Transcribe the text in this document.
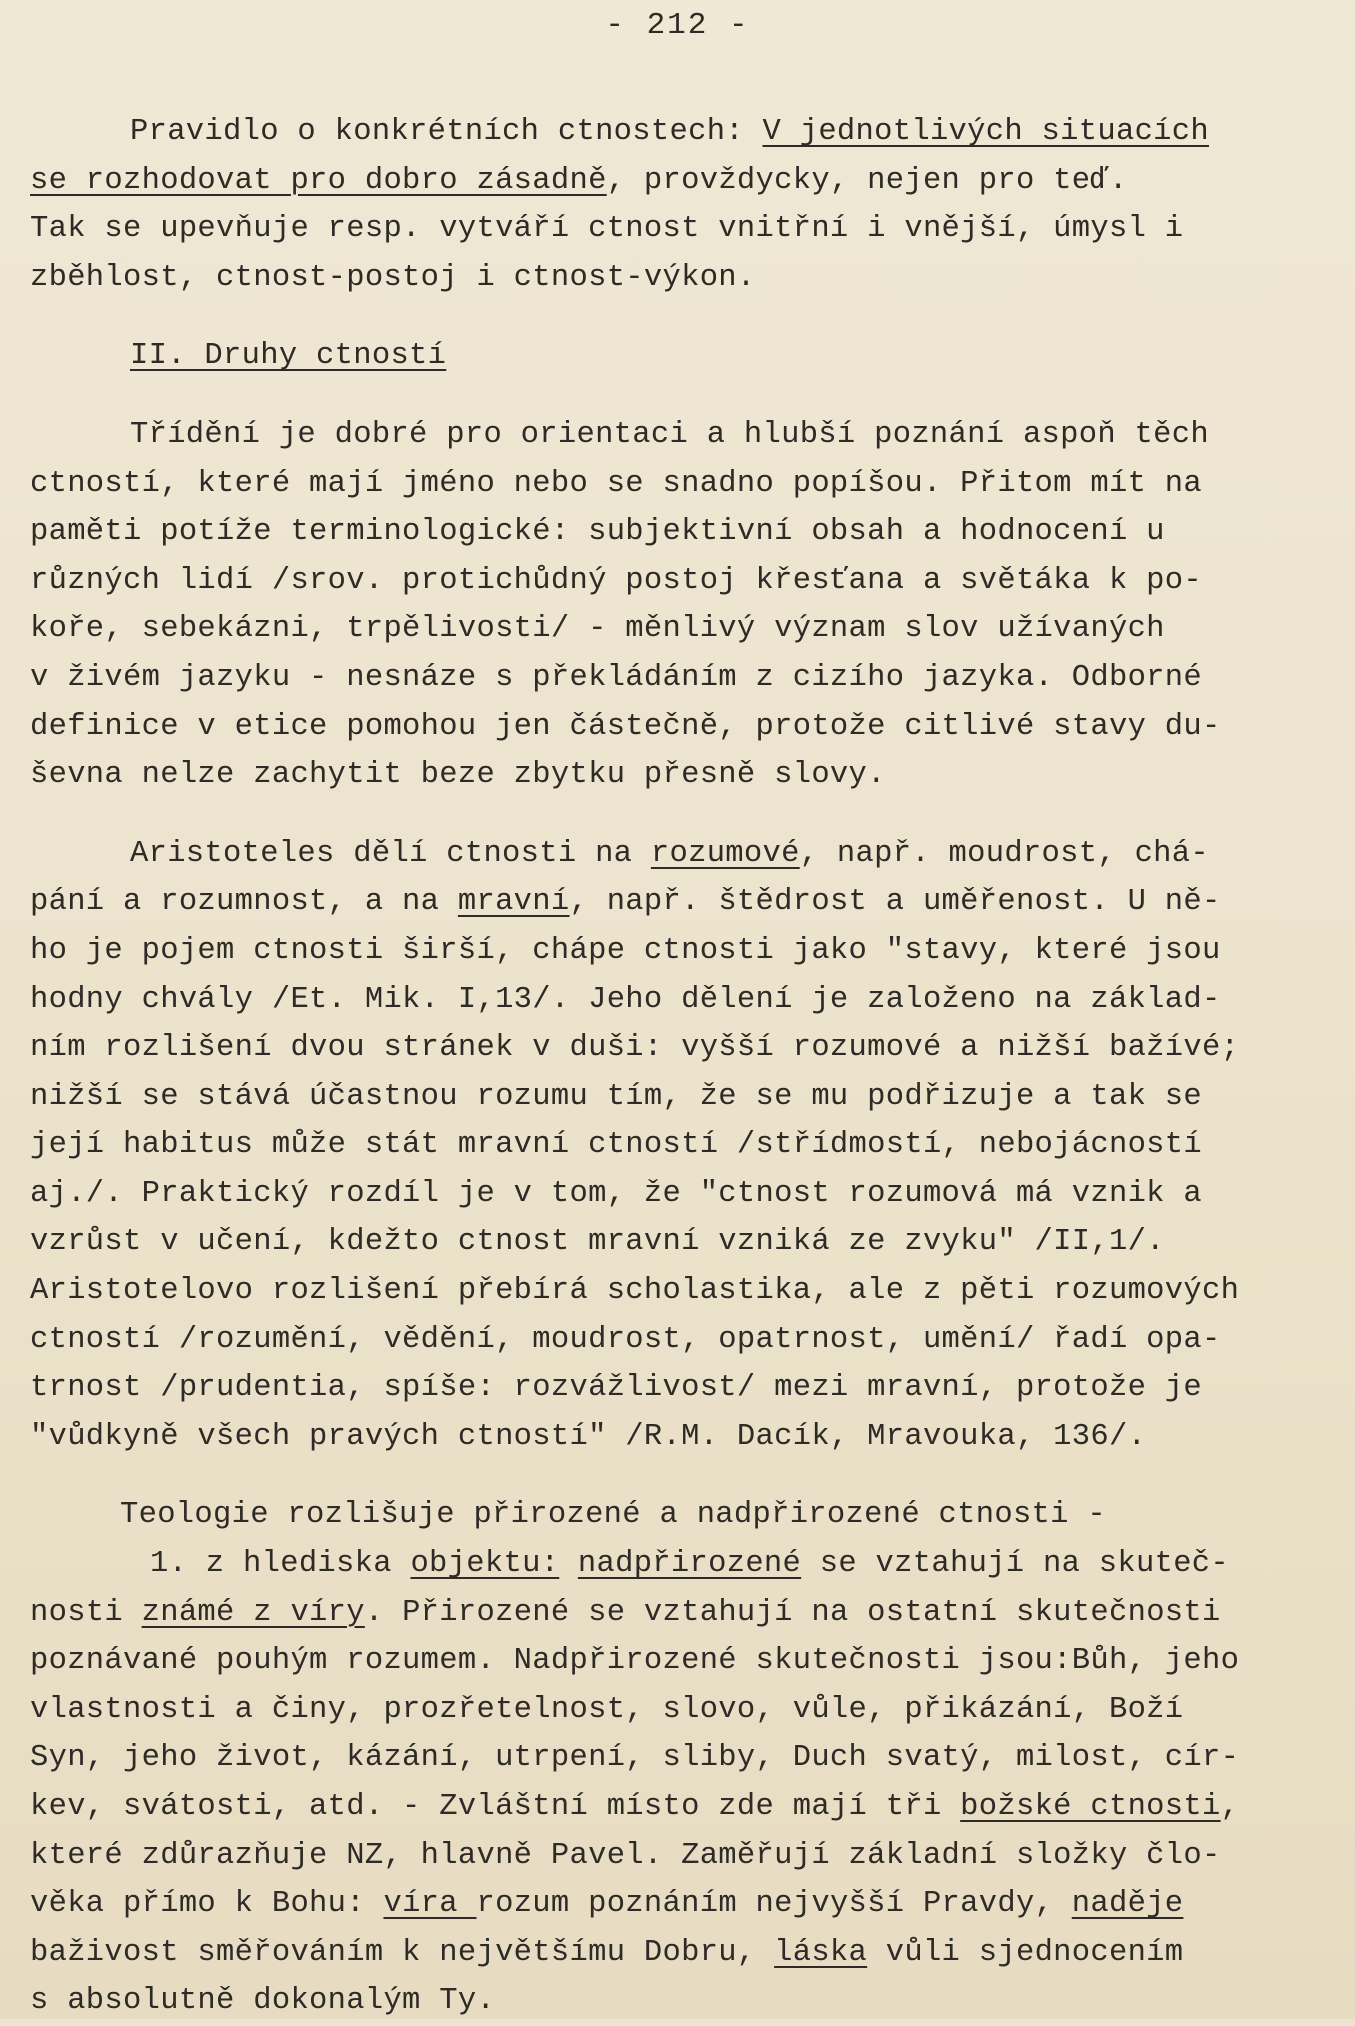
- 212 -

Pravidlo o konkrétních ctnostech: V jednotlivých situacích

se rozhodovat pro dobro zásadně, provždycky, nejen pro teď.
Tak se upevňuje resp. vytváří ctnost vnitřní i vnější, úmysl i
zběhlost, ctnost-postoj i ctnost-výkon.

II. Druhy ctností

Třídění je dobré pro orientaci a hlubší poznání aspoň těch
ctností, které mají jméno nebo se snadno popíšou. Přitom mít na
paměti potíže terminologické: subjektivní obsah a hodnocení u
různých lidí /srov. protichůdný postoj křesťana a světáka k po-
koře, sebekázni, trpělivosti/ - měnlivý význam slov užívaných
v živém jazyku - nesnáze s překládáním z cizího jazyka. Odborné
definice v etice pomohou jen částečně, protože citlivé stavy du-
ševna nelze zachytit beze zbytku přesně slovy.

Aristoteles dělí ctnosti na rozumové, např. moudrost, chá-
pání a rozumnost, a na mravní, např. štědrost a uměřenost. U ně-
ho je pojem ctnosti širší, chápe ctnosti jako "stavy, které jsou
hodny chvály /Et. Mik. I,13/. Jeho dělení je založeno na základ-
ním rozlišení dvou stránek v duši: vyšší rozumové a nižší bažívé;
nižší se stává účastnou rozumu tím, že se mu podřizuje a tak se
její habitus může stát mravní ctností /střídmostí, nebojácností
aj./. Praktický rozdíl je v tom, že "ctnost rozumová má vznik a
vzrůst v učení, kdežto ctnost mravní vzniká ze zvyku" /II,1/.
Aristotelovo rozlišení přebírá scholastika, ale z pěti rozumových
ctností /rozumění, vědění, moudrost, opatrnost, umění/ řadí opa-
trnost /prudentia, spíše: rozvážlivost/ mezi mravní, protože je
"vůdkyně všech pravých ctností" /R.M. Dacík, Mravouka, 136/.

Teologie rozlišuje přirozené a nadpřirozené ctnosti -
1. z hlediska objektu: nadpřirozené se vztahují na skuteč-
nosti známé z víry. Přirozené se vztahují na ostatní skutečnosti
poznávané pouhým rozumem. Nadpřirozené skutečnosti jsou:Bůh, jeho
vlastnosti a činy, prozřetelnost, slovo, vůle, přikázání, Boží
Syn, jeho život, kázání, utrpení, sliby, Duch svatý, milost, cír-
kev, svátosti, atd. - Zvláštní místo zde mají tři božské ctnosti,
které zdůrazňuje NZ, hlavně Pavel. Zaměřují základní složky člo-
věka přímo k Bohu: víra rozum poznáním nejvyšší Pravdy, naděje
baživost směřováním k největšímu Dobru, láska vůli sjednocením
s absolutně dokonalým Ty.
